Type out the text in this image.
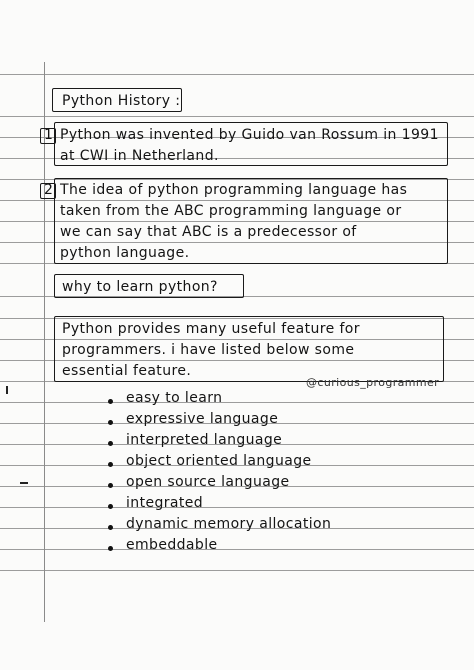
Python History :
1 Python was invented by Guido van Rossum in 1991
at CWI in Netherland.
2 The idea of python programming language has
taken from the ABC programming language or
we can say that ABC is a predecessor of
python language.
why to learn python?
Python provides many useful feature for
programmers. i have listed below some
essential feature.
@curious_programmer
easy to learn
expressive language
interpreted language
object oriented language
open source language
integrated
dynamic memory allocation
embeddable
